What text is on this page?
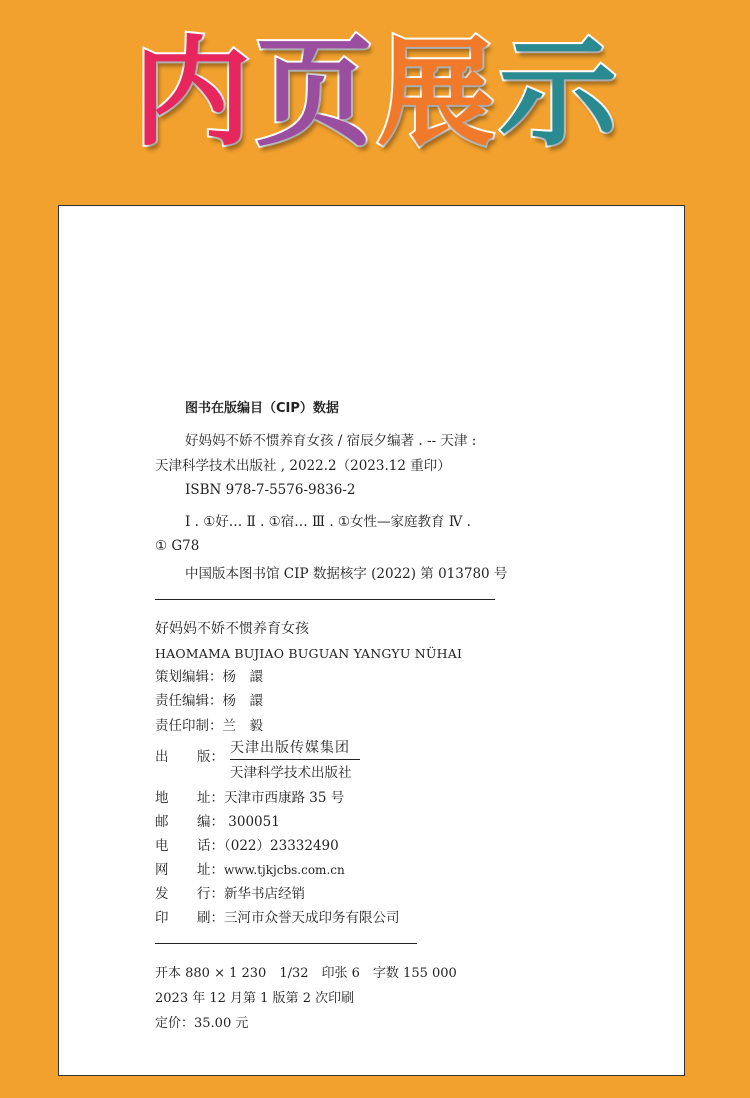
内 页 展 示
图书在版编目（CIP）数据
好妈妈不娇不惯养育女孩 / 宿辰夕编著 . -- 天津 :
天津科学技术出版社 , 2022.2（2023.12 重印）
ISBN 978-7-5576-9836-2
Ⅰ . ①好… Ⅱ . ①宿… Ⅲ . ①女性—家庭教育 Ⅳ .
① G78
中国版本图书馆 CIP 数据核字 (2022) 第 013780 号
好妈妈不娇不惯养育女孩
HAOMAMA BUJIAO BUGUAN YANGYU NÜHAI
策划编辑：杨　譞
责任编辑：杨　譞
责任印制：兰　毅
出 版：
天津出版传媒集团
天津科学技术出版社
地 址：天津市西康路 35 号
邮 编： 300051
电 话：（022）23332490
网 址：www.tjkjcbs.com.cn
发 行：新华书店经销
印 刷：三河市众誉天成印务有限公司
开本 880 × 1 230　1/32　印张 6　字数 155 000
2023 年 12 月第 1 版第 2 次印刷
定价：35.00 元
